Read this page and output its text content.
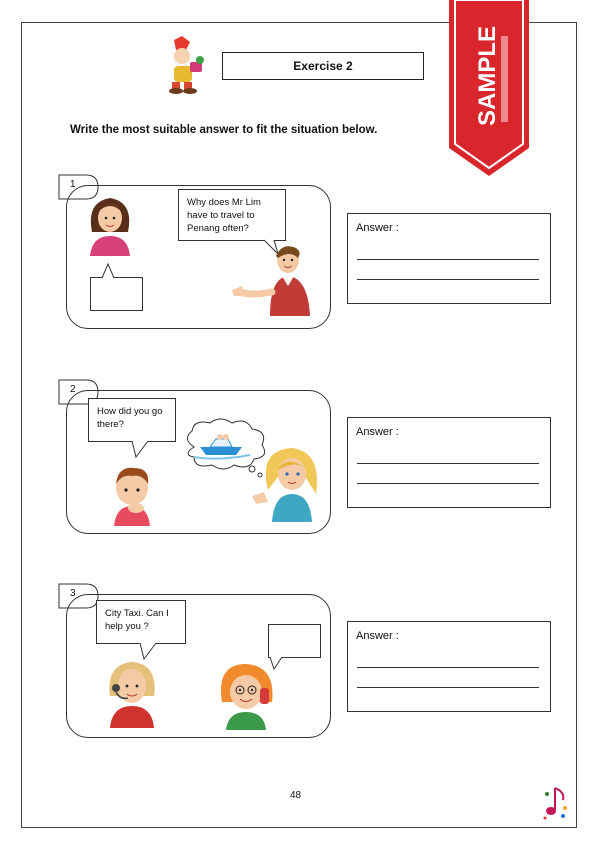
Exercise 2
Write the most suitable answer to fit the situation below.
SAMPLE
1
Why does Mr Lim have to travel to Penang often?	Answer :
2
How did you go there?
Answer :
3
City Taxi. Can I help you ?
Answer :
48
